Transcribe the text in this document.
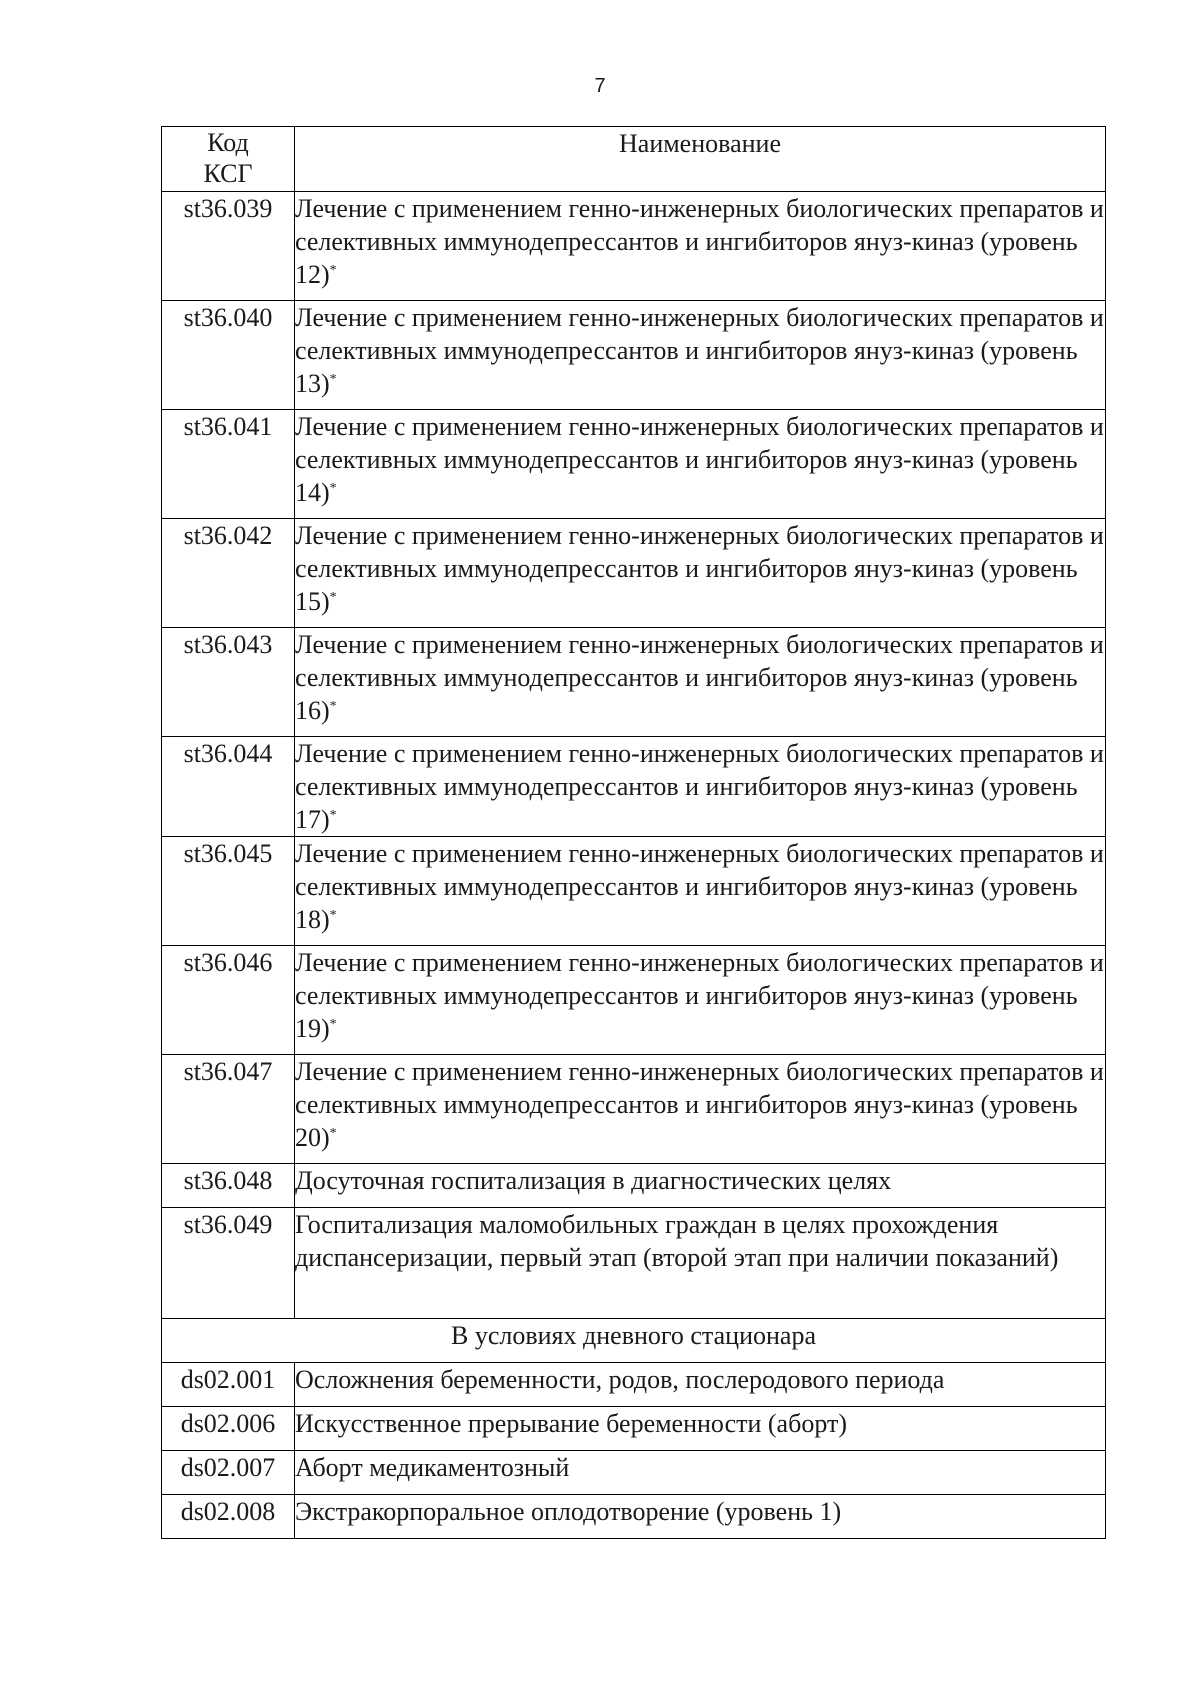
7
Код
КСГ	Наименование
st36.039	Лечение с применением генно-инженерных биологических препаратов и селективных иммунодепрессантов и ингибиторов януз-киназ (уровень 12)*
st36.040	Лечение с применением генно-инженерных биологических препаратов и селективных иммунодепрессантов и ингибиторов януз-киназ (уровень 13)*
st36.041	Лечение с применением генно-инженерных биологических препаратов и селективных иммунодепрессантов и ингибиторов януз-киназ (уровень 14)*
st36.042	Лечение с применением генно-инженерных биологических препаратов и селективных иммунодепрессантов и ингибиторов януз-киназ (уровень 15)*
st36.043	Лечение с применением генно-инженерных биологических препаратов и селективных иммунодепрессантов и ингибиторов януз-киназ (уровень 16)*
st36.044	Лечение с применением генно-инженерных биологических препаратов и селективных иммунодепрессантов и ингибиторов януз-киназ (уровень 17)*
st36.045	Лечение с применением генно-инженерных биологических препаратов и селективных иммунодепрессантов и ингибиторов януз-киназ (уровень 18)*
st36.046	Лечение с применением генно-инженерных биологических препаратов и селективных иммунодепрессантов и ингибиторов януз-киназ (уровень 19)*
st36.047	Лечение с применением генно-инженерных биологических препаратов и селективных иммунодепрессантов и ингибиторов януз-киназ (уровень 20)*
st36.048	Досуточная госпитализация в диагностических целях
st36.049	Госпитализация маломобильных граждан в целях прохождения диспансеризации, первый этап (второй этап при наличии показаний)
В условиях дневного стационара	
ds02.001	Осложнения беременности, родов, послеродового периода
ds02.006	Искусственное прерывание беременности (аборт)
ds02.007	Аборт медикаментозный
ds02.008	Экстракорпоральное оплодотворение (уровень 1)
